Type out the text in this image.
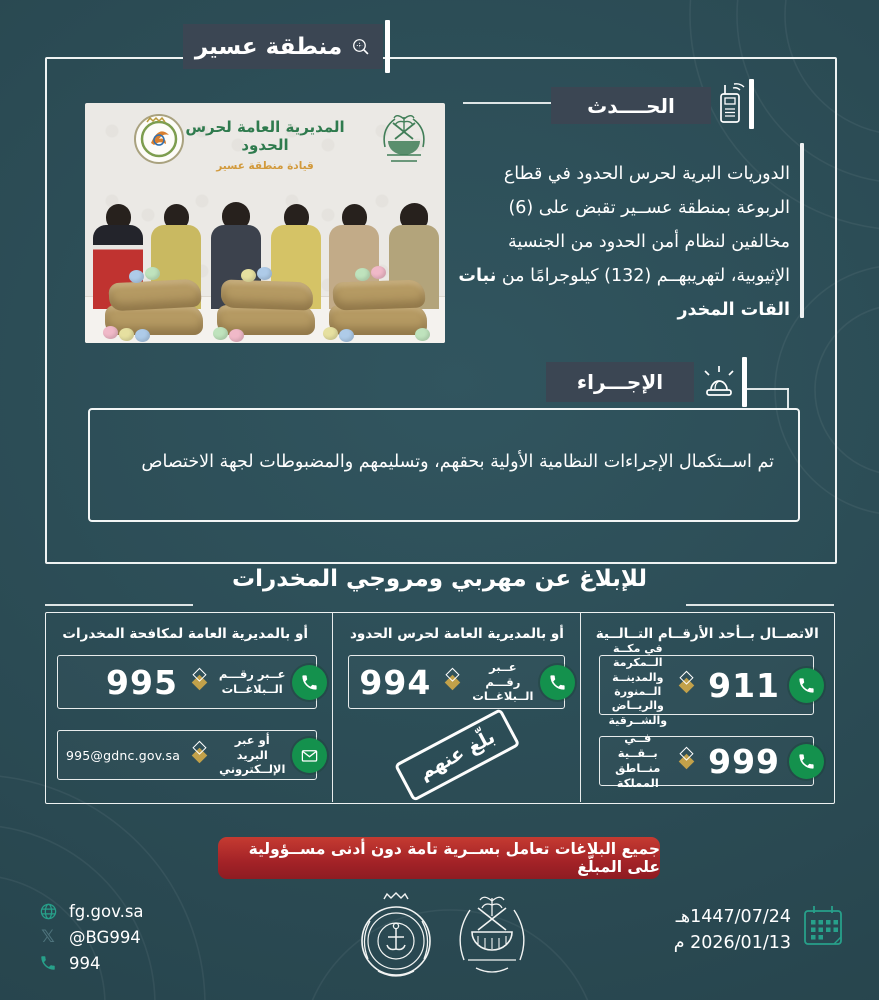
منطقة عسير
المديرية العامة لحرس الحدود
قيادة منطقة عسير
الحــــدث

الدوريات البرية لحرس الحدود في قطاع الربوعة بمنطقة عســير تقبض على (6) مخالفين لنظام أمن الحدود من الجنسية الإثيوبية، لتهريبهــم (132) كيلوجرامًا من نبات القات المخدر

الإجـــراء

تم اســتكمال الإجراءات النظامية الأولية بحقهم، وتسليمهم والمضبوطات لجهة الاختصاص

للإبلاغ عن مهربي ومروجي المخدرات
الاتصــال بــأحد الأرقــام التــالــية
911
في مكــة الــمكرمة
والمدينــة الــمنورة
والريــاض والشــرقية
999
فــي بــقــية
منــاطق المملكة
أو بالمديرية العامة لحرس الحدود
عــبر رقـــم
الــبلاغــات
994
بلّغ عنهم
أو بالمديرية العامة لمكافحة المخدرات
عــبر رقـــم
الــبلاغــات
995
أو عبر البريد
الإلــكتروني
995@gdnc.gov.sa
جميع البلاغات تعامل بســرية تامة دون أدنى مســؤولية على المبلّغ
fg.gov.sa
𝕏 @BG994
994
1447/07/24هـ
2026/01/13 م
